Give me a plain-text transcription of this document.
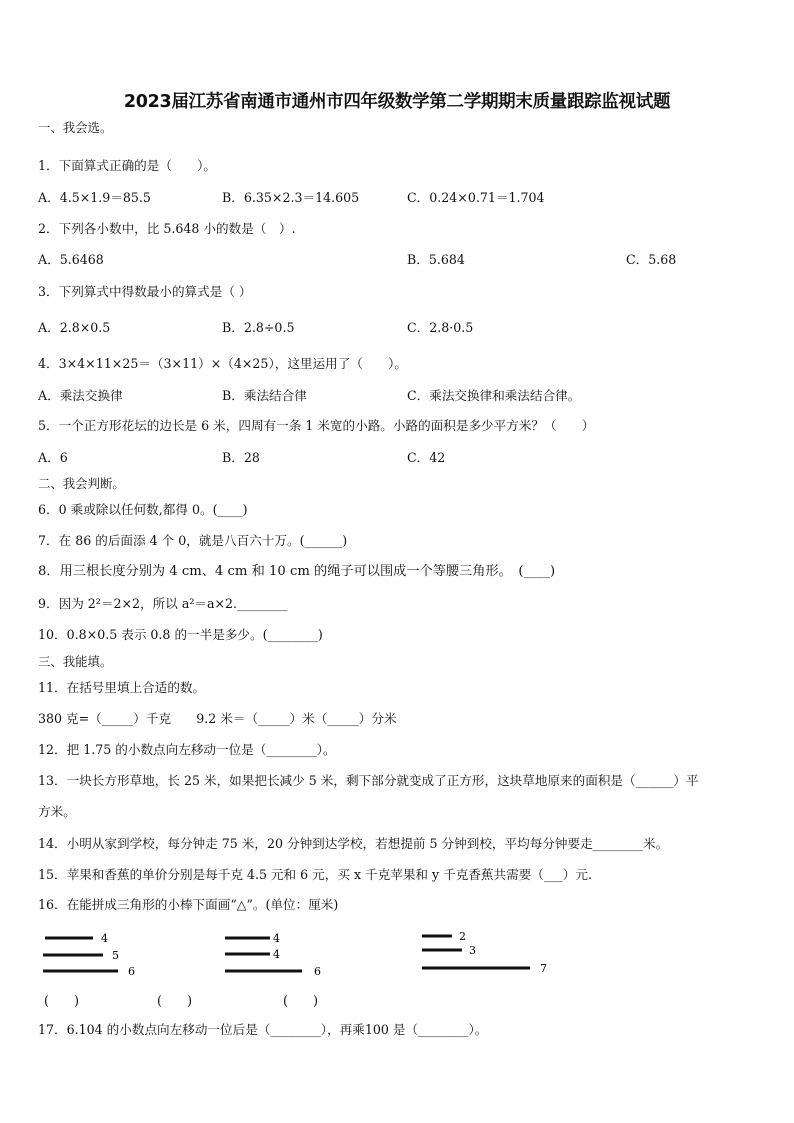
2023届江苏省南通市通州市四年级数学第二学期期末质量跟踪监视试题
一、我会选。
1．下面算式正确的是（　　）。
A．4.5×1.9＝85.5	B．6.35×2.3＝14.605	C．0.24×0.71＝1.704
2．下列各小数中，比 5.648 小的数是（　）.
A．5.6468	B．5.684	C．5.68
3．下列算式中得数最小的算式是（ ）
A．2.8×0.5	B．2.8÷0.5	C．2.8·0.5
4．3×4×11×25＝（3×11）×（4×25），这里运用了（　　）。
A．乘法交换律	B．乘法结合律	C．乘法交换律和乘法结合律。
5．一个正方形花坛的边长是 6 米，四周有一条 1 米宽的小路。小路的面积是多少平方米？（　　）
A．6	B．28	C．42
二、我会判断。
6．0 乘或除以任何数,都得 0。(____)
7．在 86 的后面添 4 个 0，就是八百六十万。(______)
8．用三根长度分别为 4 cm、4 cm 和 10 cm 的绳子可以围成一个等腰三角形。　(____)
9．因为 2²＝2×2，所以 a²＝a×2.________
10．0.8×0.5 表示 0.8 的一半是多少。(________)
三、我能填。
11．在括号里填上合适的数。
380 克=（_____）千克　　9.2 米＝（_____）米（_____）分米
12．把 1.75 的小数点向左移动一位是（________）。
13．一块长方形草地，长 25 米，如果把长减少 5 米，剩下部分就变成了正方形，这块草地原来的面积是（______）平
方米。
14．小明从家到学校，每分钟走 75 米，20 分钟到达学校，若想提前 5 分钟到校，平均每分钟要走________米。
15．苹果和香蕉的单价分别是每千克 4.5 元和 6 元，买 x 千克苹果和 y 千克香蕉共需要（___）元.
16．在能拼成三角形的小棒下面画“△”。(单位：厘米)
4
5
6
4
4
6
2
3
7
(　　)	(　　)	(　　)
17．6.104 的小数点向左移动一位后是（________），再乘100 是（________）。
